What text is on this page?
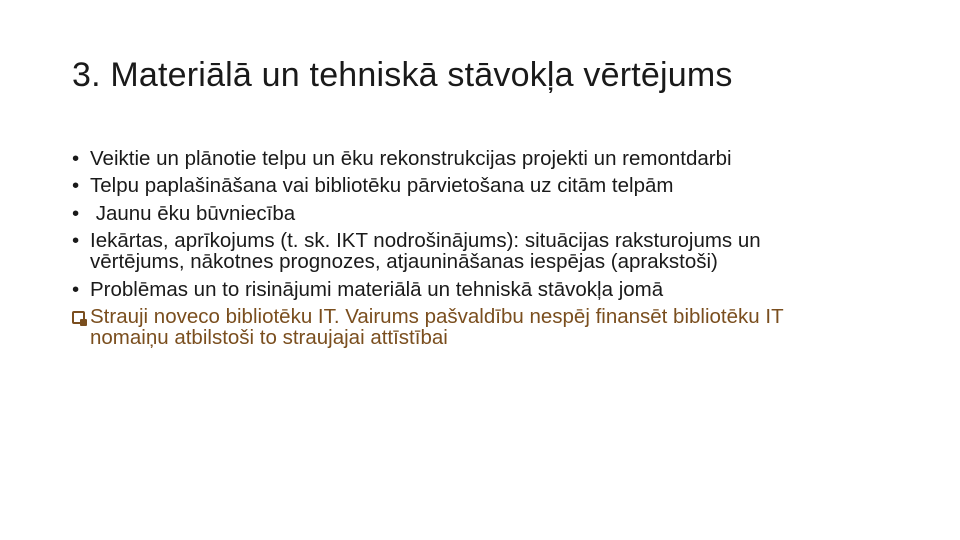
3. Materiālā un tehniskā stāvokļa vērtējums
• Veiktie un plānotie telpu un ēku rekonstrukcijas projekti un remontdarbi
• Telpu paplašināšana vai bibliotēku pārvietošana uz citām telpām
• Jaunu ēku būvniecība
• Iekārtas, aprīkojums (t. sk. IKT nodrošinājums): situācijas raksturojums un vērtējums, nākotnes prognozes, atjaunināšanas iespējas (aprakstoši)
• Problēmas un to risinājumi materiālā un tehniskā stāvokļa jomā
Strauji noveco bibliotēku IT. Vairums pašvaldību nespēj finansēt bibliotēku IT nomaiņu atbilstoši to straujajai attīstībai
